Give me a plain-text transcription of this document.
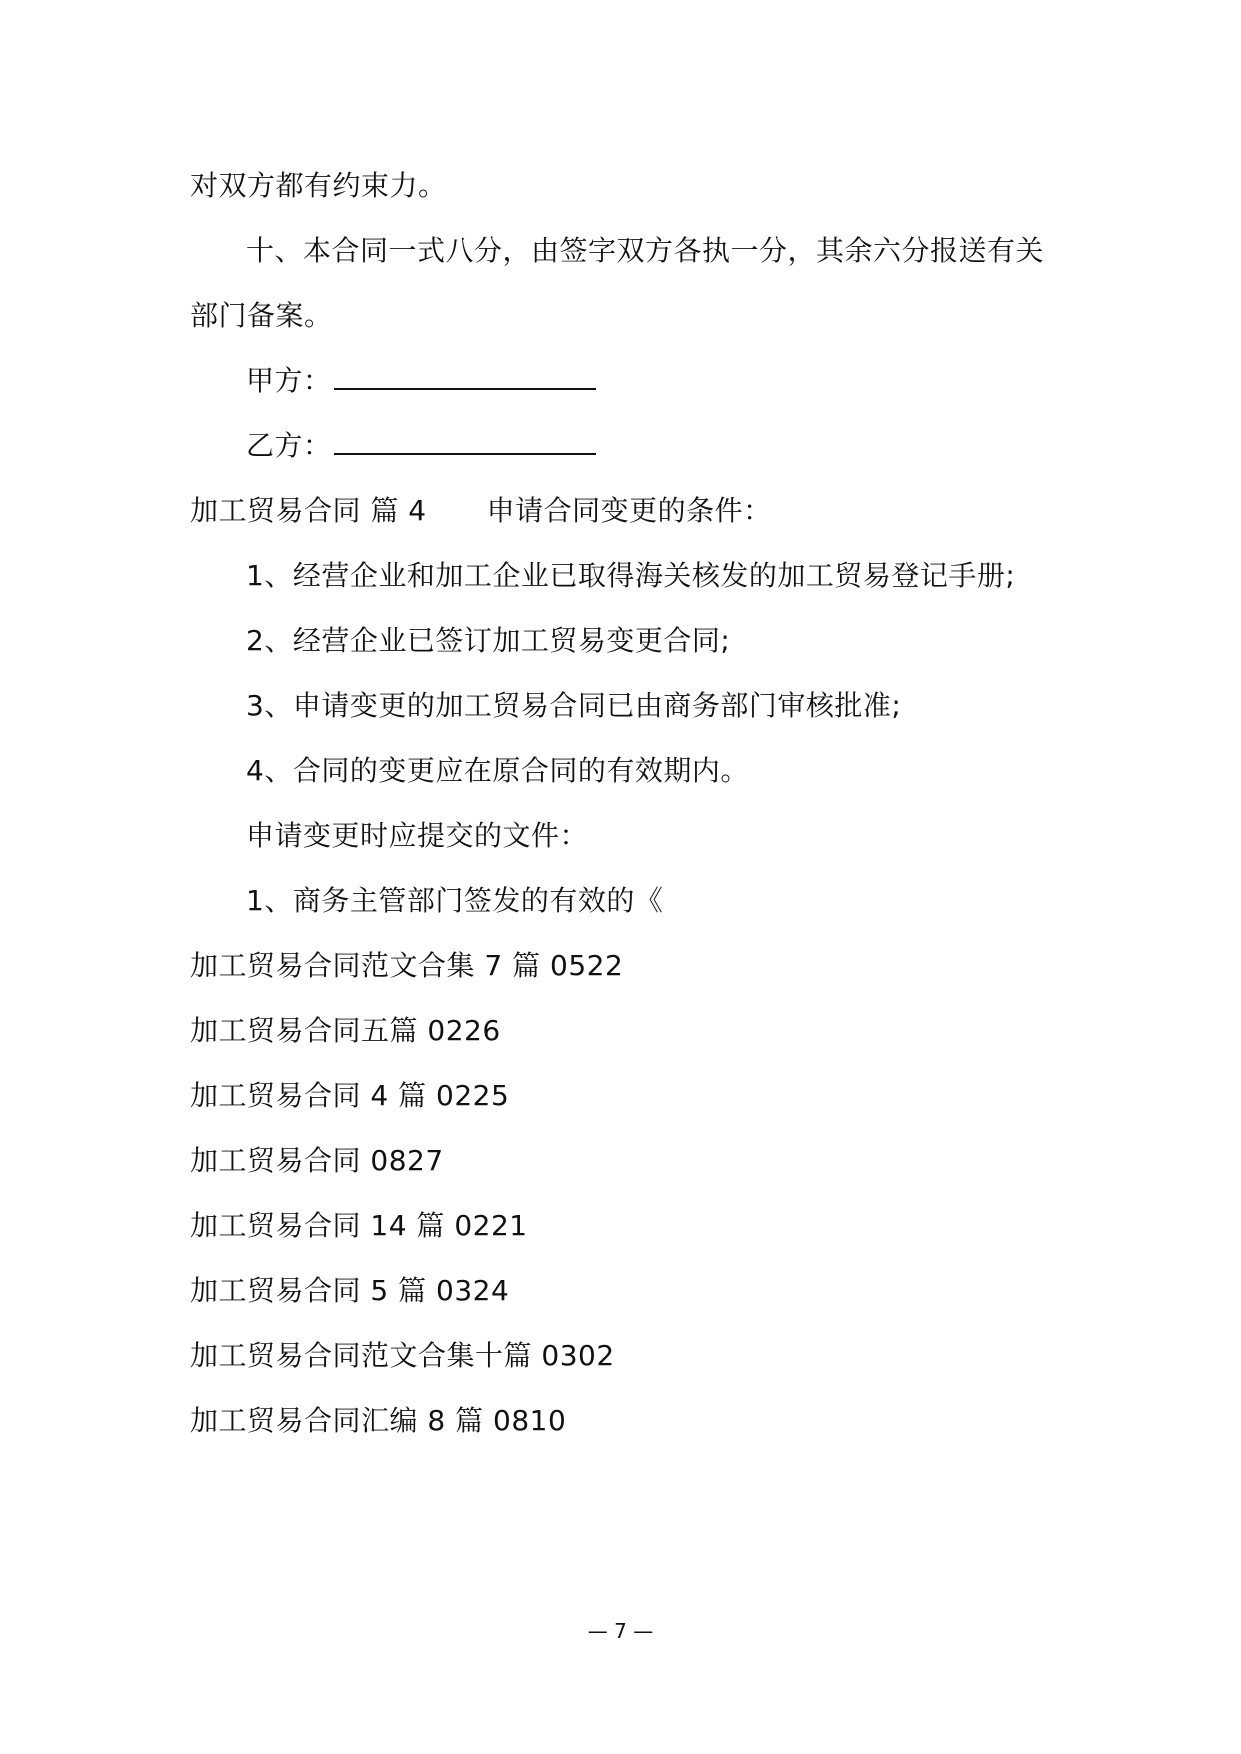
对双方都有约束力。
十、本合同一式八分，由签字双方各执一分，其余六分报送有关
部门备案。
甲方：
乙方：
加工贸易合同 篇 4 申请合同变更的条件：
1、经营企业和加工企业已取得海关核发的加工贸易登记手册;
2、经营企业已签订加工贸易变更合同;
3、申请变更的加工贸易合同已由商务部门审核批准;
4、合同的变更应在原合同的有效期内。
申请变更时应提交的文件：
1、商务主管部门签发的有效的《
加工贸易合同范文合集 7 篇 0522
加工贸易合同五篇 0226
加工贸易合同 4 篇 0225
加工贸易合同 0827
加工贸易合同 14 篇 0221
加工贸易合同 5 篇 0324
加工贸易合同范文合集十篇 0302
加工贸易合同汇编 8 篇 0810
— 7 —
